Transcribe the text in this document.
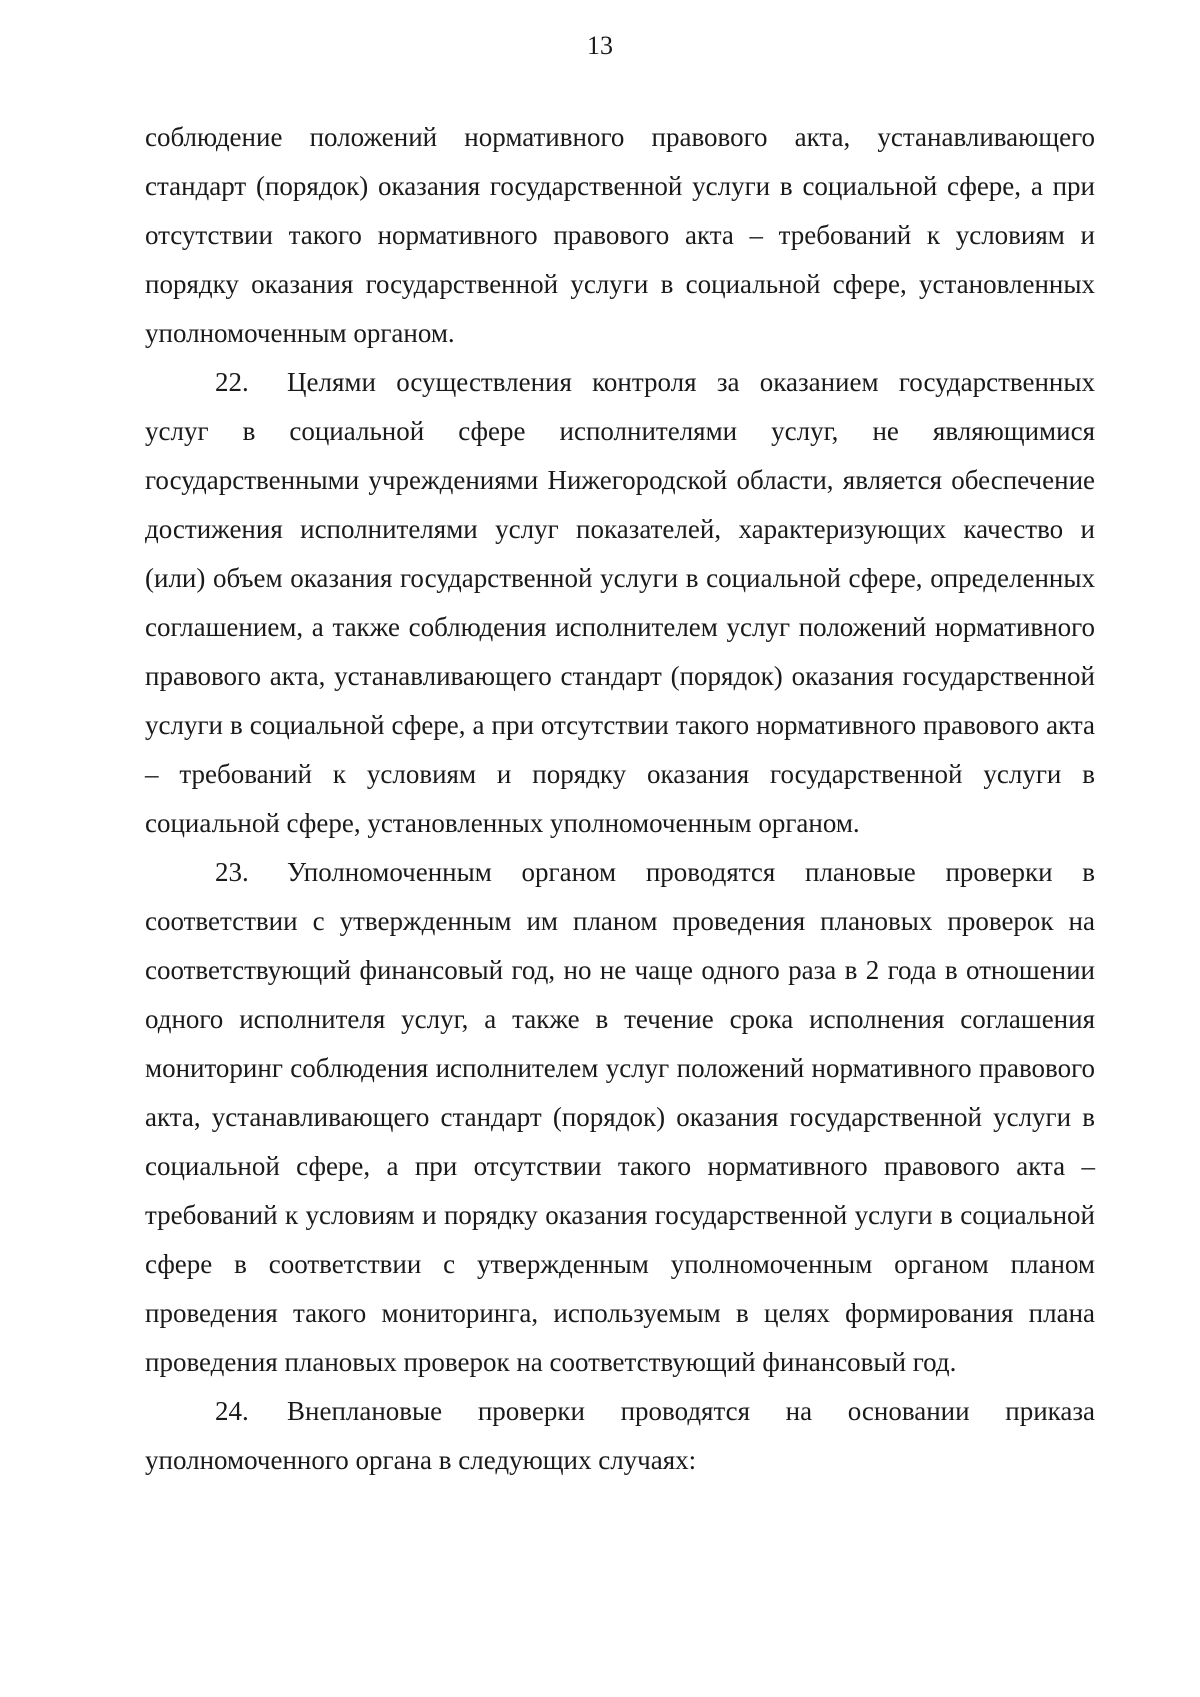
13

соблюдение положений нормативного правового акта, устанавливающего стандарт (порядок) оказания государственной услуги в социальной сфере, а при отсутствии такого нормативного правового акта – требований к условиям и порядку оказания государственной услуги в социальной сфере, установленных уполномоченным органом.

22. Целями осуществления контроля за оказанием государственных услуг в социальной сфере исполнителями услуг, не являющимися государственными учреждениями Нижегородской области, является обеспечение достижения исполнителями услуг показателей, характеризующих качество и (или) объем оказания государственной услуги в социальной сфере, определенных соглашением, а также соблюдения исполнителем услуг положений нормативного правового акта, устанавливающего стандарт (порядок) оказания государственной услуги в социальной сфере, а при отсутствии такого нормативного правового акта – требований к условиям и порядку оказания государственной услуги в социальной сфере, установленных уполномоченным органом.

23. Уполномоченным органом проводятся плановые проверки в соответствии с утвержденным им планом проведения плановых проверок на соответствующий финансовый год, но не чаще одного раза в 2 года в отношении одного исполнителя услуг, а также в течение срока исполнения соглашения мониторинг соблюдения исполнителем услуг положений нормативного правового акта, устанавливающего стандарт (порядок) оказания государственной услуги в социальной сфере, а при отсутствии такого нормативного правового акта – требований к условиям и порядку оказания государственной услуги в социальной сфере в соответствии с утвержденным уполномоченным органом планом проведения такого мониторинга, используемым в целях формирования плана проведения плановых проверок на соответствующий финансовый год.

24. Внеплановые проверки проводятся на основании приказа уполномоченного органа в следующих случаях:
